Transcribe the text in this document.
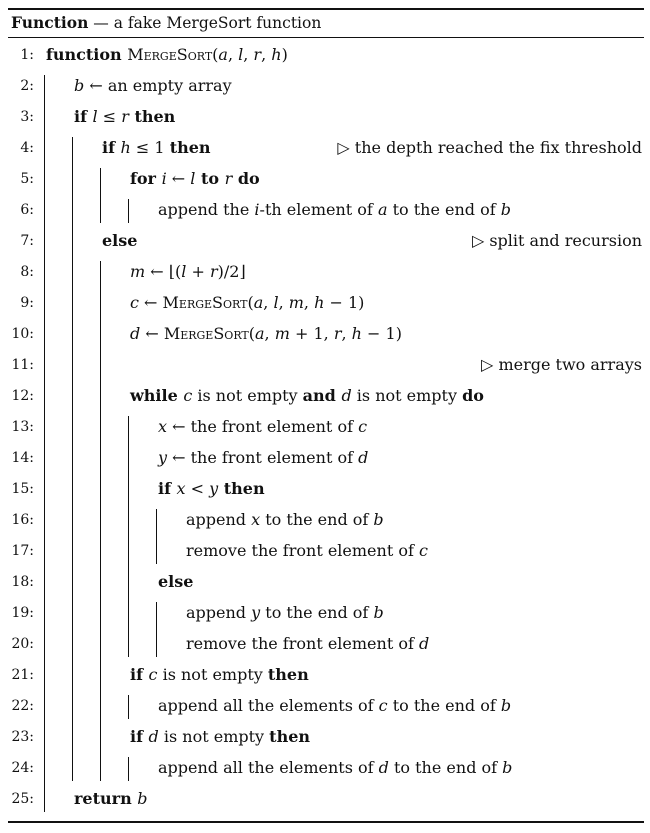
Function — a fake MergeSort function
1: function MergeSort(a, l, r, h)
2:	b ← an empty array
3:	if l ≤ r then
4:	if h ≤ 1 then	▷ the depth reached the fix threshold
5:	for i ← l to r do
6:	append the i-th element of a to the end of b
7:	else	▷ split and recursion
8:	m ← ⌊(l + r)/2⌋
9:	c ← MergeSort(a, l, m, h − 1)
10:	d ← MergeSort(a, m + 1, r, h − 1)
11:	▷ merge two arrays
12:	while c is not empty and d is not empty do
13:	x ← the front element of c
14:	y ← the front element of d
15:	if x < y then
16:	append x to the end of b
17:	remove the front element of c
18:	else
19:	append y to the end of b
20:	remove the front element of d
21:	if c is not empty then
22:	append all the elements of c to the end of b
23:	if d is not empty then
24:	append all the elements of d to the end of b
25:	return b
